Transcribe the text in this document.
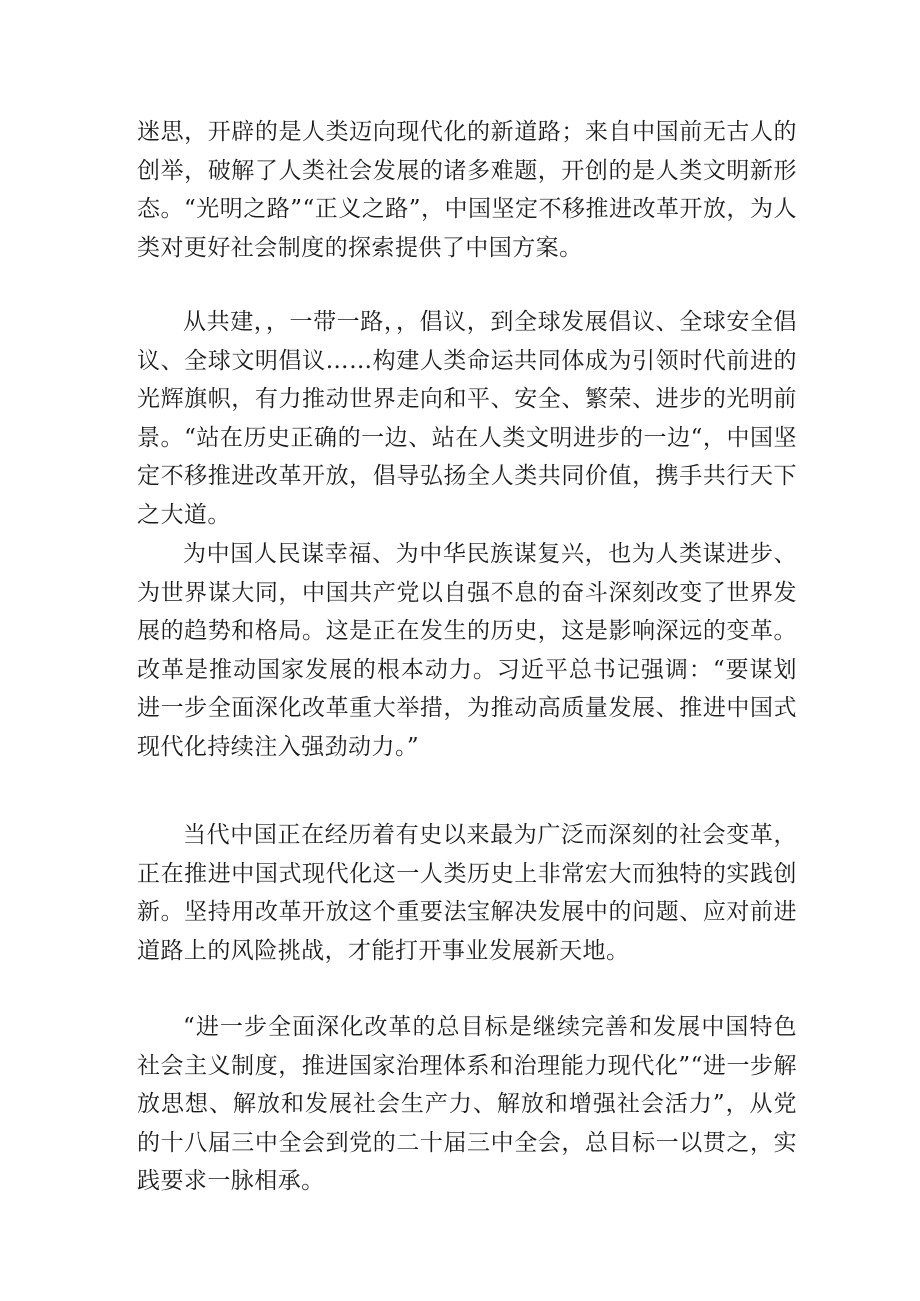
迷思，开辟的是人类迈向现代化的新道路；来自中国前无古人的创举，破解了人类社会发展的诸多难题，开创的是人类文明新形态。“光明之路”“正义之路”，中国坚定不移推进改革开放，为人类对更好社会制度的探索提供了中国方案。

从共建，，一带一路，，倡议，到全球发展倡议、全球安全倡议、全球文明倡议……构建人类命运共同体成为引领时代前进的光辉旗帜，有力推动世界走向和平、安全、繁荣、进步的光明前景。“站在历史正确的一边、站在人类文明进步的一边“，中国坚定不移推进改革开放，倡导弘扬全人类共同价值，携手共行天下之大道。

为中国人民谋幸福、为中华民族谋复兴，也为人类谋进步、为世界谋大同，中国共产党以自强不息的奋斗深刻改变了世界发展的趋势和格局。这是正在发生的历史，这是影响深远的变革。改革是推动国家发展的根本动力。习近平总书记强调：“要谋划进一步全面深化改革重大举措，为推动高质量发展、推进中国式现代化持续注入强劲动力。”

当代中国正在经历着有史以来最为广泛而深刻的社会变革，正在推进中国式现代化这一人类历史上非常宏大而独特的实践创新。坚持用改革开放这个重要法宝解决发展中的问题、应对前进道路上的风险挑战，才能打开事业发展新天地。

“进一步全面深化改革的总目标是继续完善和发展中国特色社会主义制度，推进国家治理体系和治理能力现代化”“进一步解放思想、解放和发展社会生产力、解放和增强社会活力”，从党的十八届三中全会到党的二十届三中全会，总目标一以贯之，实践要求一脉相承。
